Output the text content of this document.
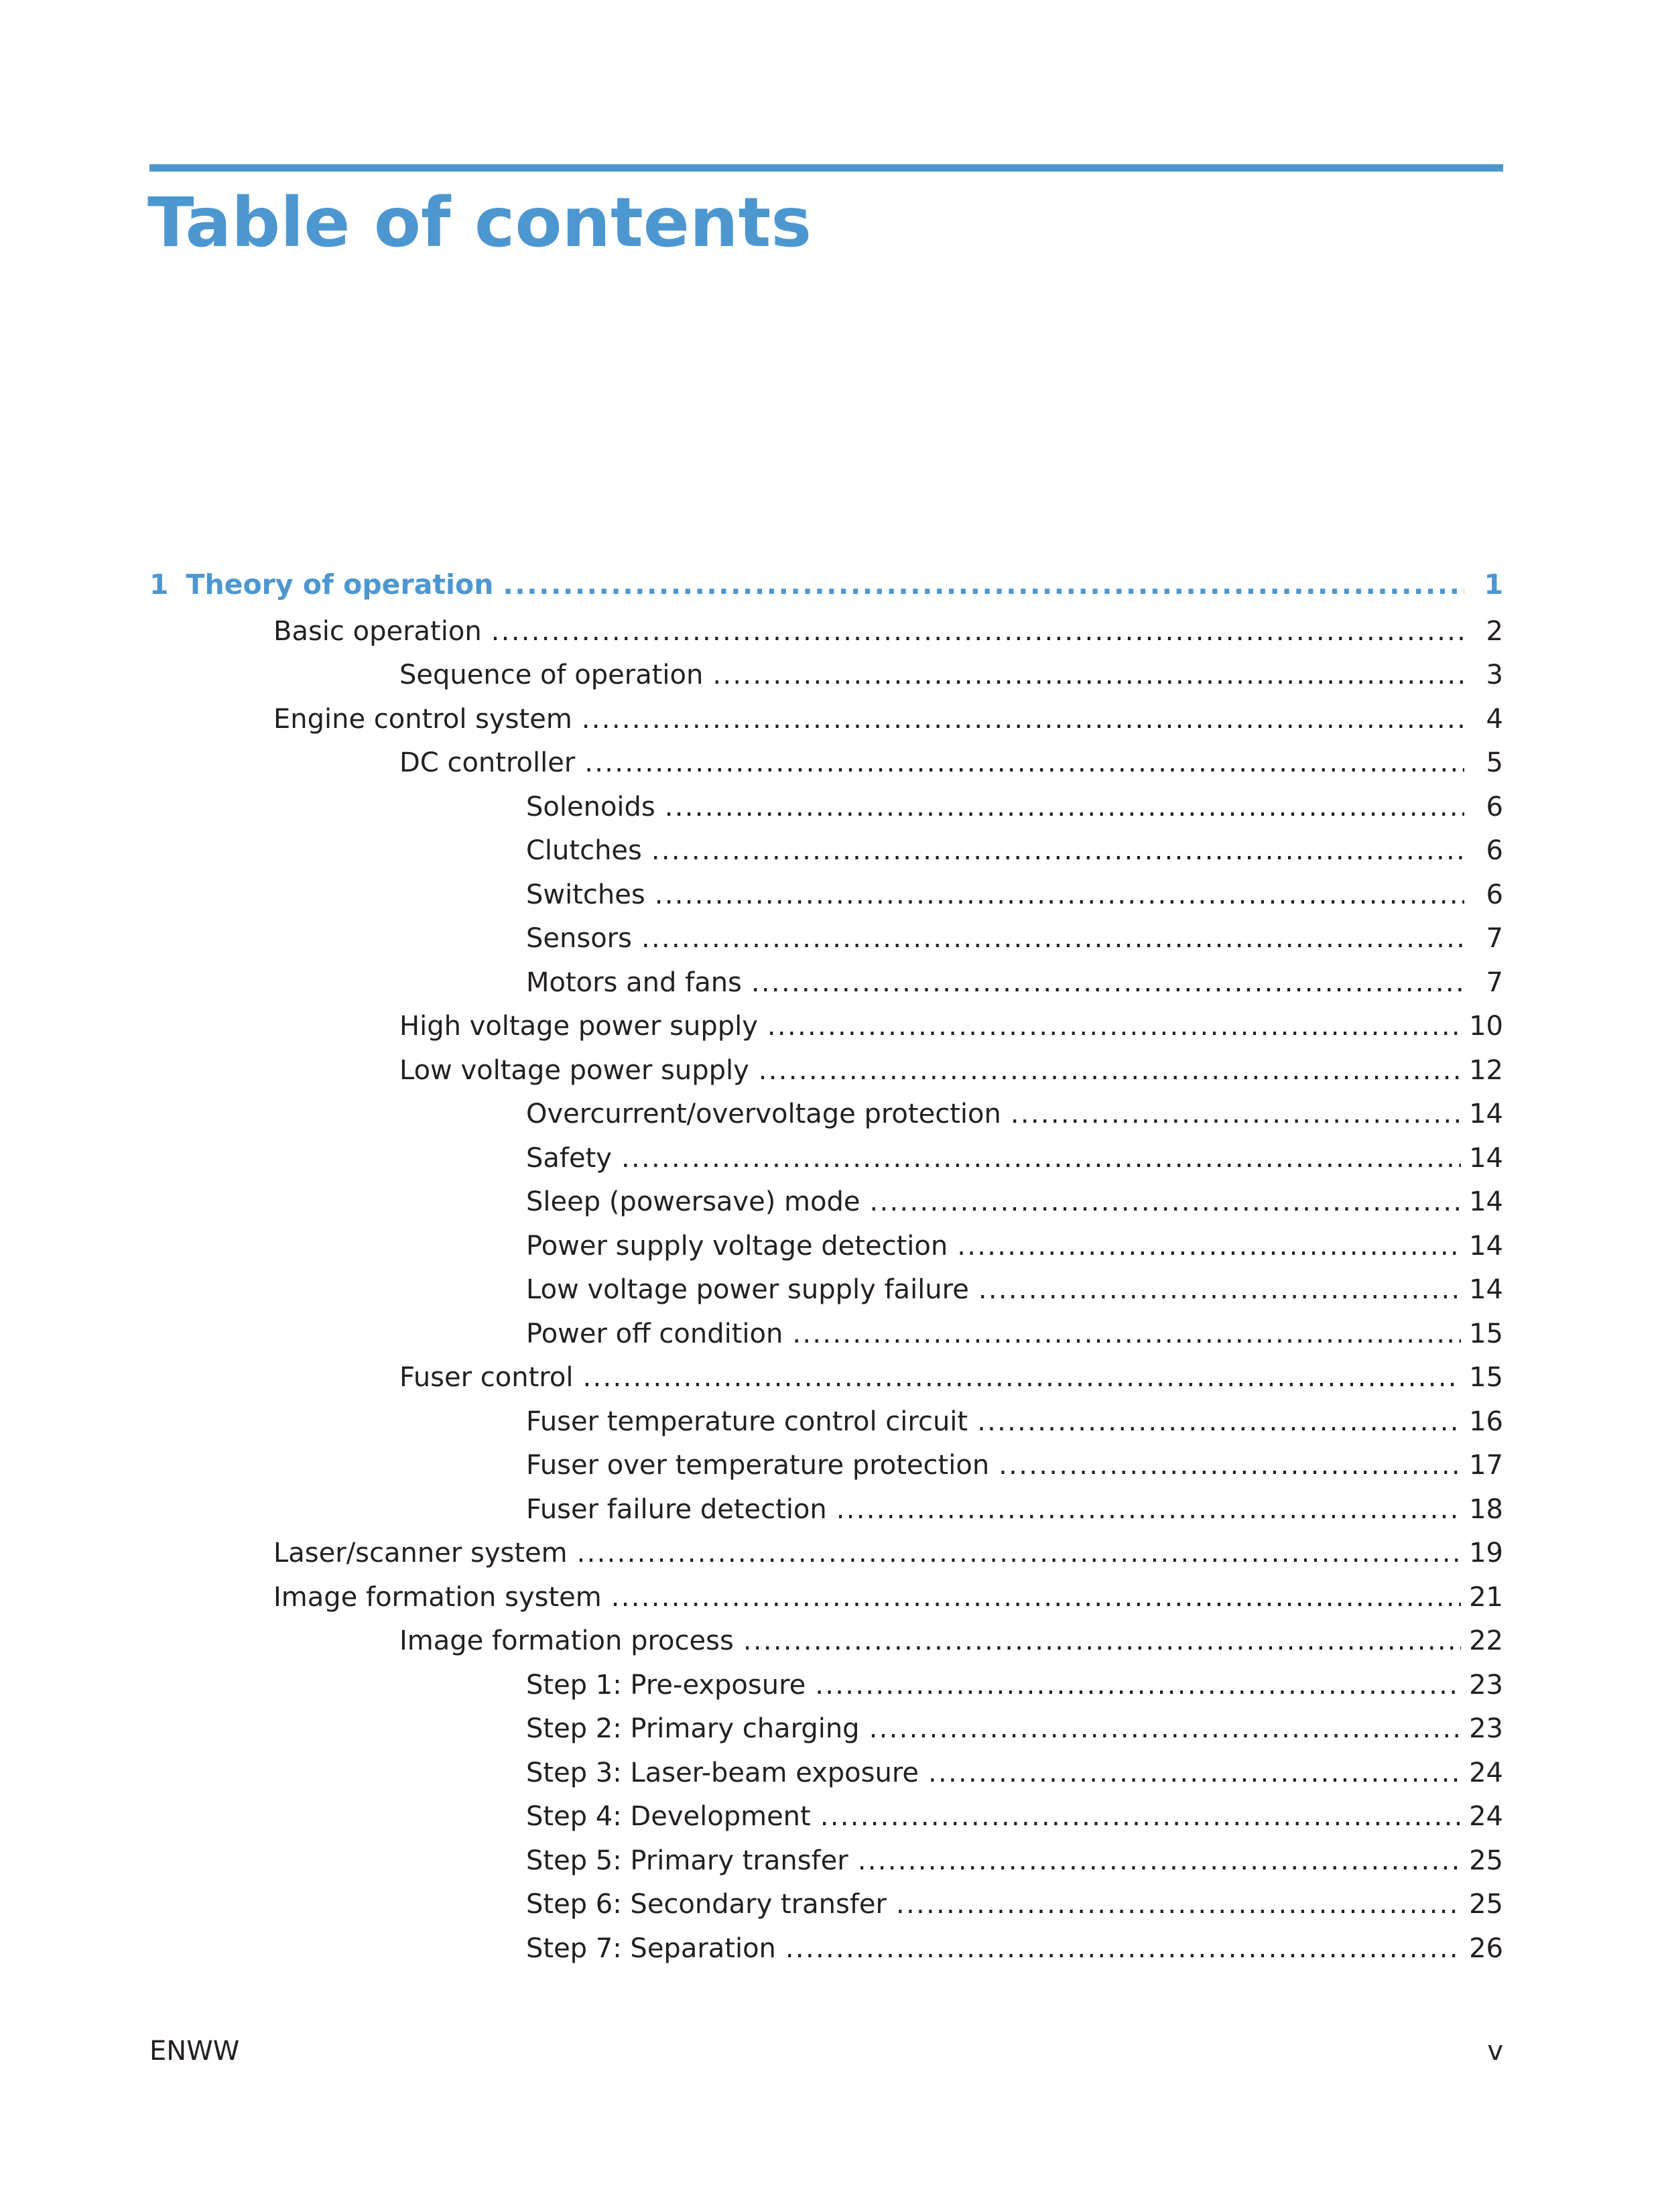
Table of contents
1 Theory of operation .....	1
Basic operation .....	2
Sequence of operation .....	3
Engine control system .....	4
DC controller .....	5
Solenoids .....	6
Clutches .....	6
Switches .....	6
Sensors .....	7
Motors and fans .....	7
High voltage power supply .....	10
Low voltage power supply .....	12
Overcurrent/overvoltage protection .....	14
Safety .....	14
Sleep (powersave) mode .....	14
Power supply voltage detection .....	14
Low voltage power supply failure .....	14
Power off condition .....	15
Fuser control .....	15
Fuser temperature control circuit .....	16
Fuser over temperature protection .....	17
Fuser failure detection .....	18
Laser/scanner system .....	19
Image formation system .....	21
Image formation process .....	22
Step 1: Pre-exposure .....	23
Step 2: Primary charging .....	23
Step 3: Laser-beam exposure .....	24
Step 4: Development .....	24
Step 5: Primary transfer .....	25
Step 6: Secondary transfer .....	25
Step 7: Separation .....	26

ENWW	v
